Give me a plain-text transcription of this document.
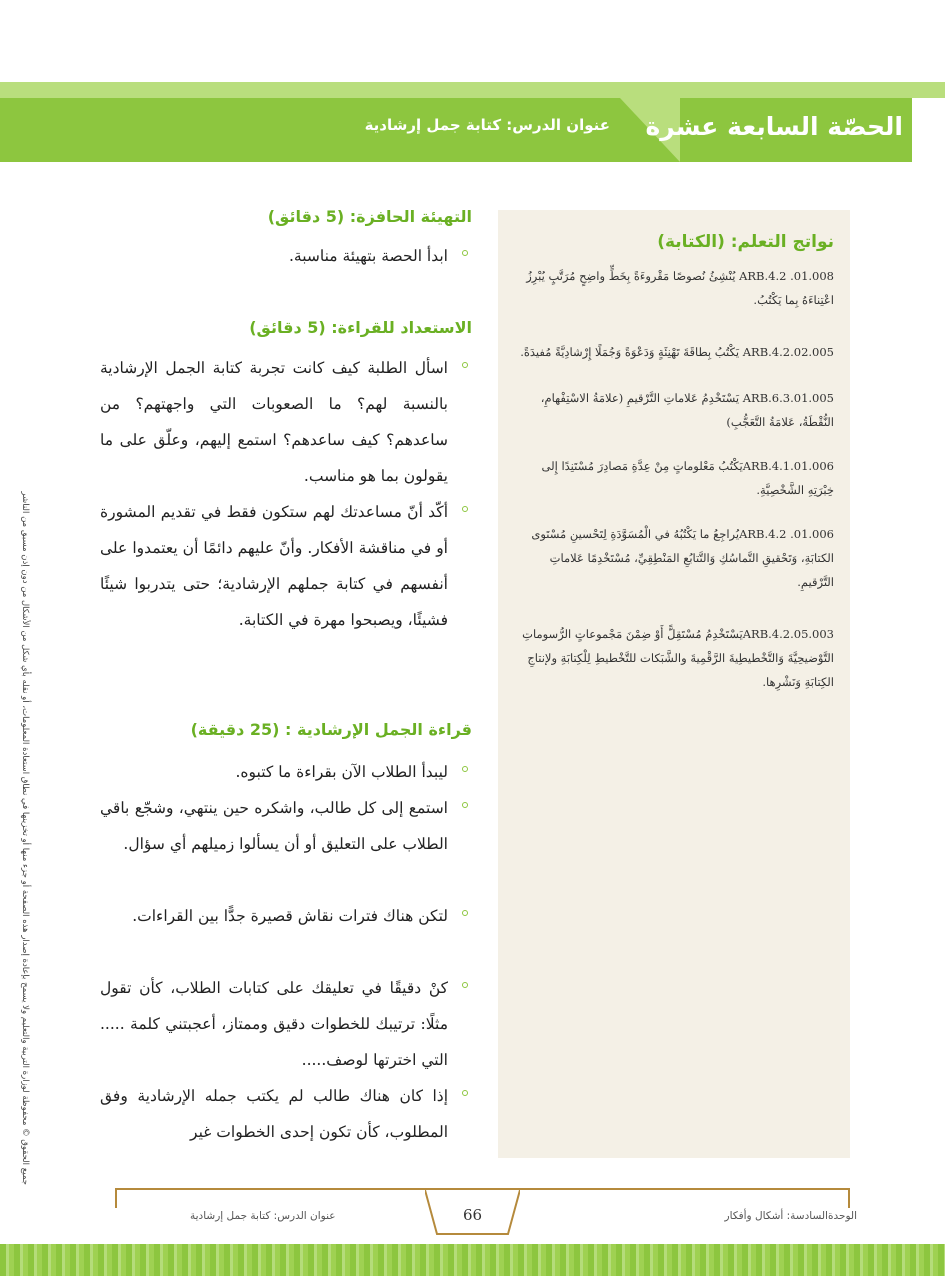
الحصّة السابعة عشرة
عنوان الدرس: كتابة جمل إرشادية
جميع الحقوق © محفوظة لوزارة التربية والتعليم ولا يسمح بإعادة إصدار هذه الصفحة أو جزء منها أو تخزينها في نطاق استعادة المعلومات، أو نقله بأي شكل من الأشكال من دون إذن مسبق من الناشر
نواتج التعلم: (الكتابة)
ARB.4.2 .01.008 يُنْشِئُ نُصوصًا مَقْروءَةً بِخَطٍّ واضِحٍ مُرَتَّبٍ يُبْرِزُ اعْتِناءَهُ بِما يَكْتُبُ.
ARB.4.2.02.005 يَكْتُبُ بِطاقَةَ تَهْنِئَةٍ وَدَعْوَةً وَجُمَلًا إِرْشادِيَّةً مُفيدَةً.
ARB.6.3.01.005 يَسْتَخْدِمُ عَلاماتِ التَّرْقيمِ (علامَةُ الاسْتِفْهامِ، النُّقْطَةُ، عَلامَةُ التَّعَجُّبِ)
ARB.4.1.01.006يَكْتُبُ مَعْلوماتٍ مِنْ عِدَّةِ مَصادِرَ مُسْتَنِدًا إِلى خِبْرَتِهِ الشَّخْصِيَّةِ.
ARB.4.2 .01.006يُراجِعُ ما يَكْتُبُهُ في الْمُسَوَّدَةِ لِتَحْسينِ مُسْتَوى الكتابَةِ، وَتَحْقيقِ التَّماسُكِ وَالتَّتابُعِ المَنْطِقِيِّ، مُسْتَخْدِمًا عَلاماتِ التَّرْقيمِ.
ARB.4.2.05.003يَسْتَخْدِمُ مُسْتَقِلًّ أَوْ ضِمْنَ مَجْموعاتٍ الرُّسوماتِ التَّوْضيحِيَّةَ وَالتَّخْطيطِيةَ الرَّقْمِيةَ والشَّبَكات للتَّخْطيطِ لِلْكِتابَةِ ولإنتاجِ الكِتابَةِ وَنَشْرِها.
التهيئة الحافزة: (5 دقائق)
ابدأ الحصة بتهيئة مناسبة.
الاستعداد للقراءة: (5 دقائق)
اسأل الطلبة كيف كانت تجربة كتابة الجمل الإرشادية بالنسبة لهم؟ ما الصعوبات التي واجهتهم؟ من ساعدهم؟ كيف ساعدهم؟ استمع إليهم، وعلّق على ما يقولون بما هو مناسب.
أكّد أنّ مساعدتك لهم ستكون فقط في تقديم المشورة أو في مناقشة الأفكار. وأنّ عليهم دائمًا أن يعتمدوا على أنفسهم في كتابة جملهم الإرشادية؛ حتى يتدربوا شيئًا فشيئًا، ويصبحوا مهرة في الكتابة.
قراءة الجمل الإرشادية : (25 دقيقة)
ليبدأ الطلاب الآن بقراءة ما كتبوه.
استمع إلى كل طالب، واشكره حين ينتهي، وشجّع باقي الطلاب على التعليق أو أن يسألوا زميلهم أي سؤال.
لتكن هناك فترات نقاش قصيرة جدًّا بين القراءات.
كنْ دقيقًا في تعليقك على كتابات الطلاب، كأن تقول مثلًا: ترتيبك للخطوات دقيق وممتاز، أعجبتني كلمة ..... التي اخترتها لوصف.....
إذا كان هناك طالب لم يكتب جمله الإرشادية وفق المطلوب، كأن تكون إحدى الخطوات غير
66	الوحدةالسادسة: أشكال وأفكار
عنوان الدرس: كتابة جمل إرشادية
